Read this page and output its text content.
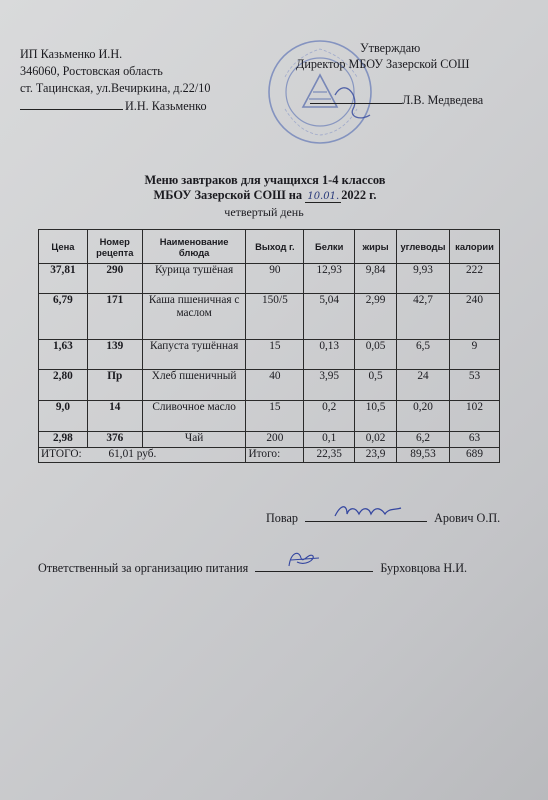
ИП Казьменко И.Н.
346060, Ростовская область
ст. Тацинская, ул.Вечиркина, д.22/10
И.Н. Казьменко
Утверждаю
Директор МБОУ Зазерской СОШ
Л.В. Медведева
Меню завтраков для учащихся 1-4 классов
МБОУ Зазерской СОШ на 10.01. 2022 г.
четвертый день
Цена	Номер рецепта	Наименование блюда	Выход г.	Белки	жиры	углеводы	калории
37,81	290	Курица тушёная	90	12,93	9,84	9,93	222
6,79	171	Каша пшеничная с маслом	150/5	5,04	2,99	42,7	240
1,63	139	Капуста тушённая	15	0,13	0,05	6,5	9
2,80	Пр	Хлеб пшеничный	40	3,95	0,5	24	53
9,0	14	Сливочное масло	15	0,2	10,5	0,20	102
2,98	376	Чай	200	0,1	0,02	6,2	63
ИТОГО: 61,01 руб.			Итого:	22,35	23,9	89,53	689
Повар	Арович О.П.
Ответственный за организацию питания	Бурховцова Н.И.
